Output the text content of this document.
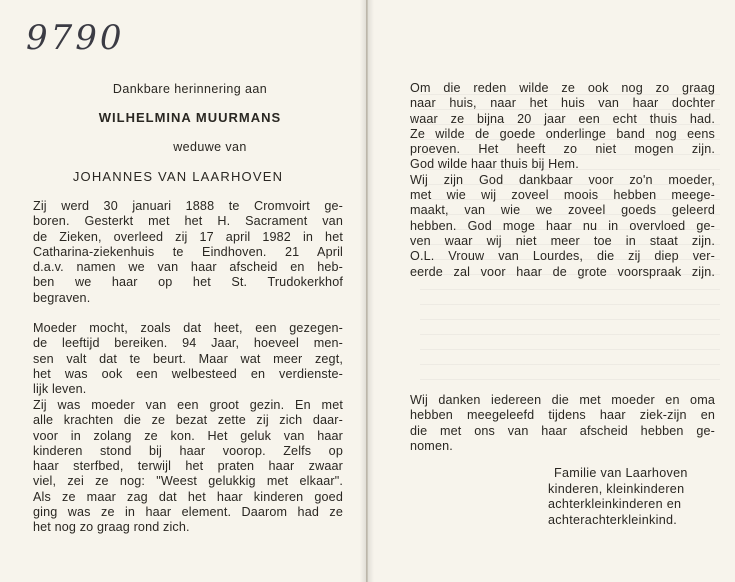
9790
Dankbare herinnering aan
WILHELMINA MUURMANS
weduwe van
JOHANNES VAN LAARHOVEN
Zij werd 30 januari 1888 te Cromvoirt ge-
boren. Gesterkt met het H. Sacrament van
de Zieken, overleed zij 17 april 1982 in het
Catharina-ziekenhuis te Eindhoven. 21 April
d.a.v. namen we van haar afscheid en heb-
ben we haar op het St. Trudokerkhof
begraven.
Moeder mocht, zoals dat heet, een gezegen-
de leeftijd bereiken. 94 Jaar, hoeveel men-
sen valt dat te beurt. Maar wat meer zegt,
het was ook een welbesteed en verdienste-
lijk leven.
Zij was moeder van een groot gezin. En met
alle krachten die ze bezat zette zij zich daar-
voor in zolang ze kon. Het geluk van haar
kinderen stond bij haar voorop. Zelfs op
haar sterfbed, terwijl het praten haar zwaar
viel, zei ze nog: "Weest gelukkig met elkaar".
Als ze maar zag dat het haar kinderen goed
ging was ze in haar element. Daarom had ze
het nog zo graag rond zich.
Om die reden wilde ze ook nog zo graag
naar huis, naar het huis van haar dochter
waar ze bijna 20 jaar een echt thuis had.
Ze wilde de goede onderlinge band nog eens
proeven. Het heeft zo niet mogen zijn.
God wilde haar thuis bij Hem.
Wij zijn God dankbaar voor zo'n moeder,
met wie wij zoveel moois hebben meege-
maakt, van wie we zoveel goeds geleerd
hebben. God moge haar nu in overvloed ge-
ven waar wij niet meer toe in staat zijn.
O.L. Vrouw van Lourdes, die zij diep ver-
eerde zal voor haar de grote voorspraak zijn.
Wij danken iedereen die met moeder en oma
hebben meegeleefd tijdens haar ziek-zijn en
die met ons van haar afscheid hebben ge-
nomen.
Familie van Laarhoven
kinderen, kleinkinderen
achterkleinkinderen en
achterachterkleinkind.
